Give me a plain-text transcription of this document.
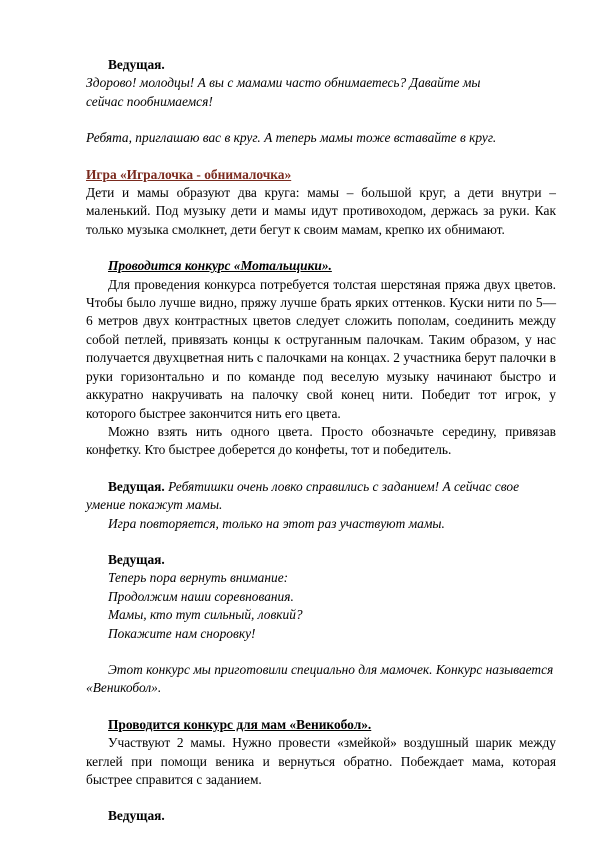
Ведущая.

Здорово! молодцы! А вы с мамами часто обнимаетесь? Давайте мы

сейчас пообнимаемся!

Ребята, приглашаю вас в круг. А теперь мамы тоже вставайте в круг.

Игра «Игралочка - обнималочка»

Дети и мамы образуют два круга: мамы – большой круг, а дети внутри – маленький. Под музыку дети и мамы идут противоходом, держась за руки. Как только музыка смолкнет, дети бегут к своим мамам, крепко их обнимают.

Проводится конкурс «Мотальщики».

Для проведения конкурса потребуется толстая шерстяная пряжа двух цветов. Чтобы было лучше видно, пряжу лучше брать ярких оттенков. Куски нити по 5—6 метров двух контрастных цветов следует сложить пополам, соединить между собой петлей, привязать концы к оструганным палочкам. Таким образом, у нас получается двухцветная нить с палочками на концах. 2 участника берут палочки в руки горизонтально и по команде под веселую музыку начинают быстро и аккуратно накручивать на палочку свой конец нити. Победит тот игрок, у которого быстрее закончится нить его цвета.

Можно взять нить одного цвета. Просто обозначьте середину, привязав конфетку. Кто быстрее доберется до конфеты, тот и победитель.

Ведущая. Ребятишки очень ловко справились с заданием! А сейчас свое умение покажут мамы.

Игра повторяется, только на этот раз участвуют мамы.

Ведущая.

Теперь пора вернуть внимание:

Продолжим наши соревнования.

Мамы, кто тут сильный, ловкий?

Покажите нам сноровку!

Этот конкурс мы приготовили специально для мамочек. Конкурс называется «Веникобол».

Проводится конкурс для мам «Веникобол».

Участвуют 2 мамы. Нужно провести «змейкой» воздушный шарик между кеглей при помощи веника и вернуться обратно. Побеждает мама, которая быстрее справится с заданием.

Ведущая.
